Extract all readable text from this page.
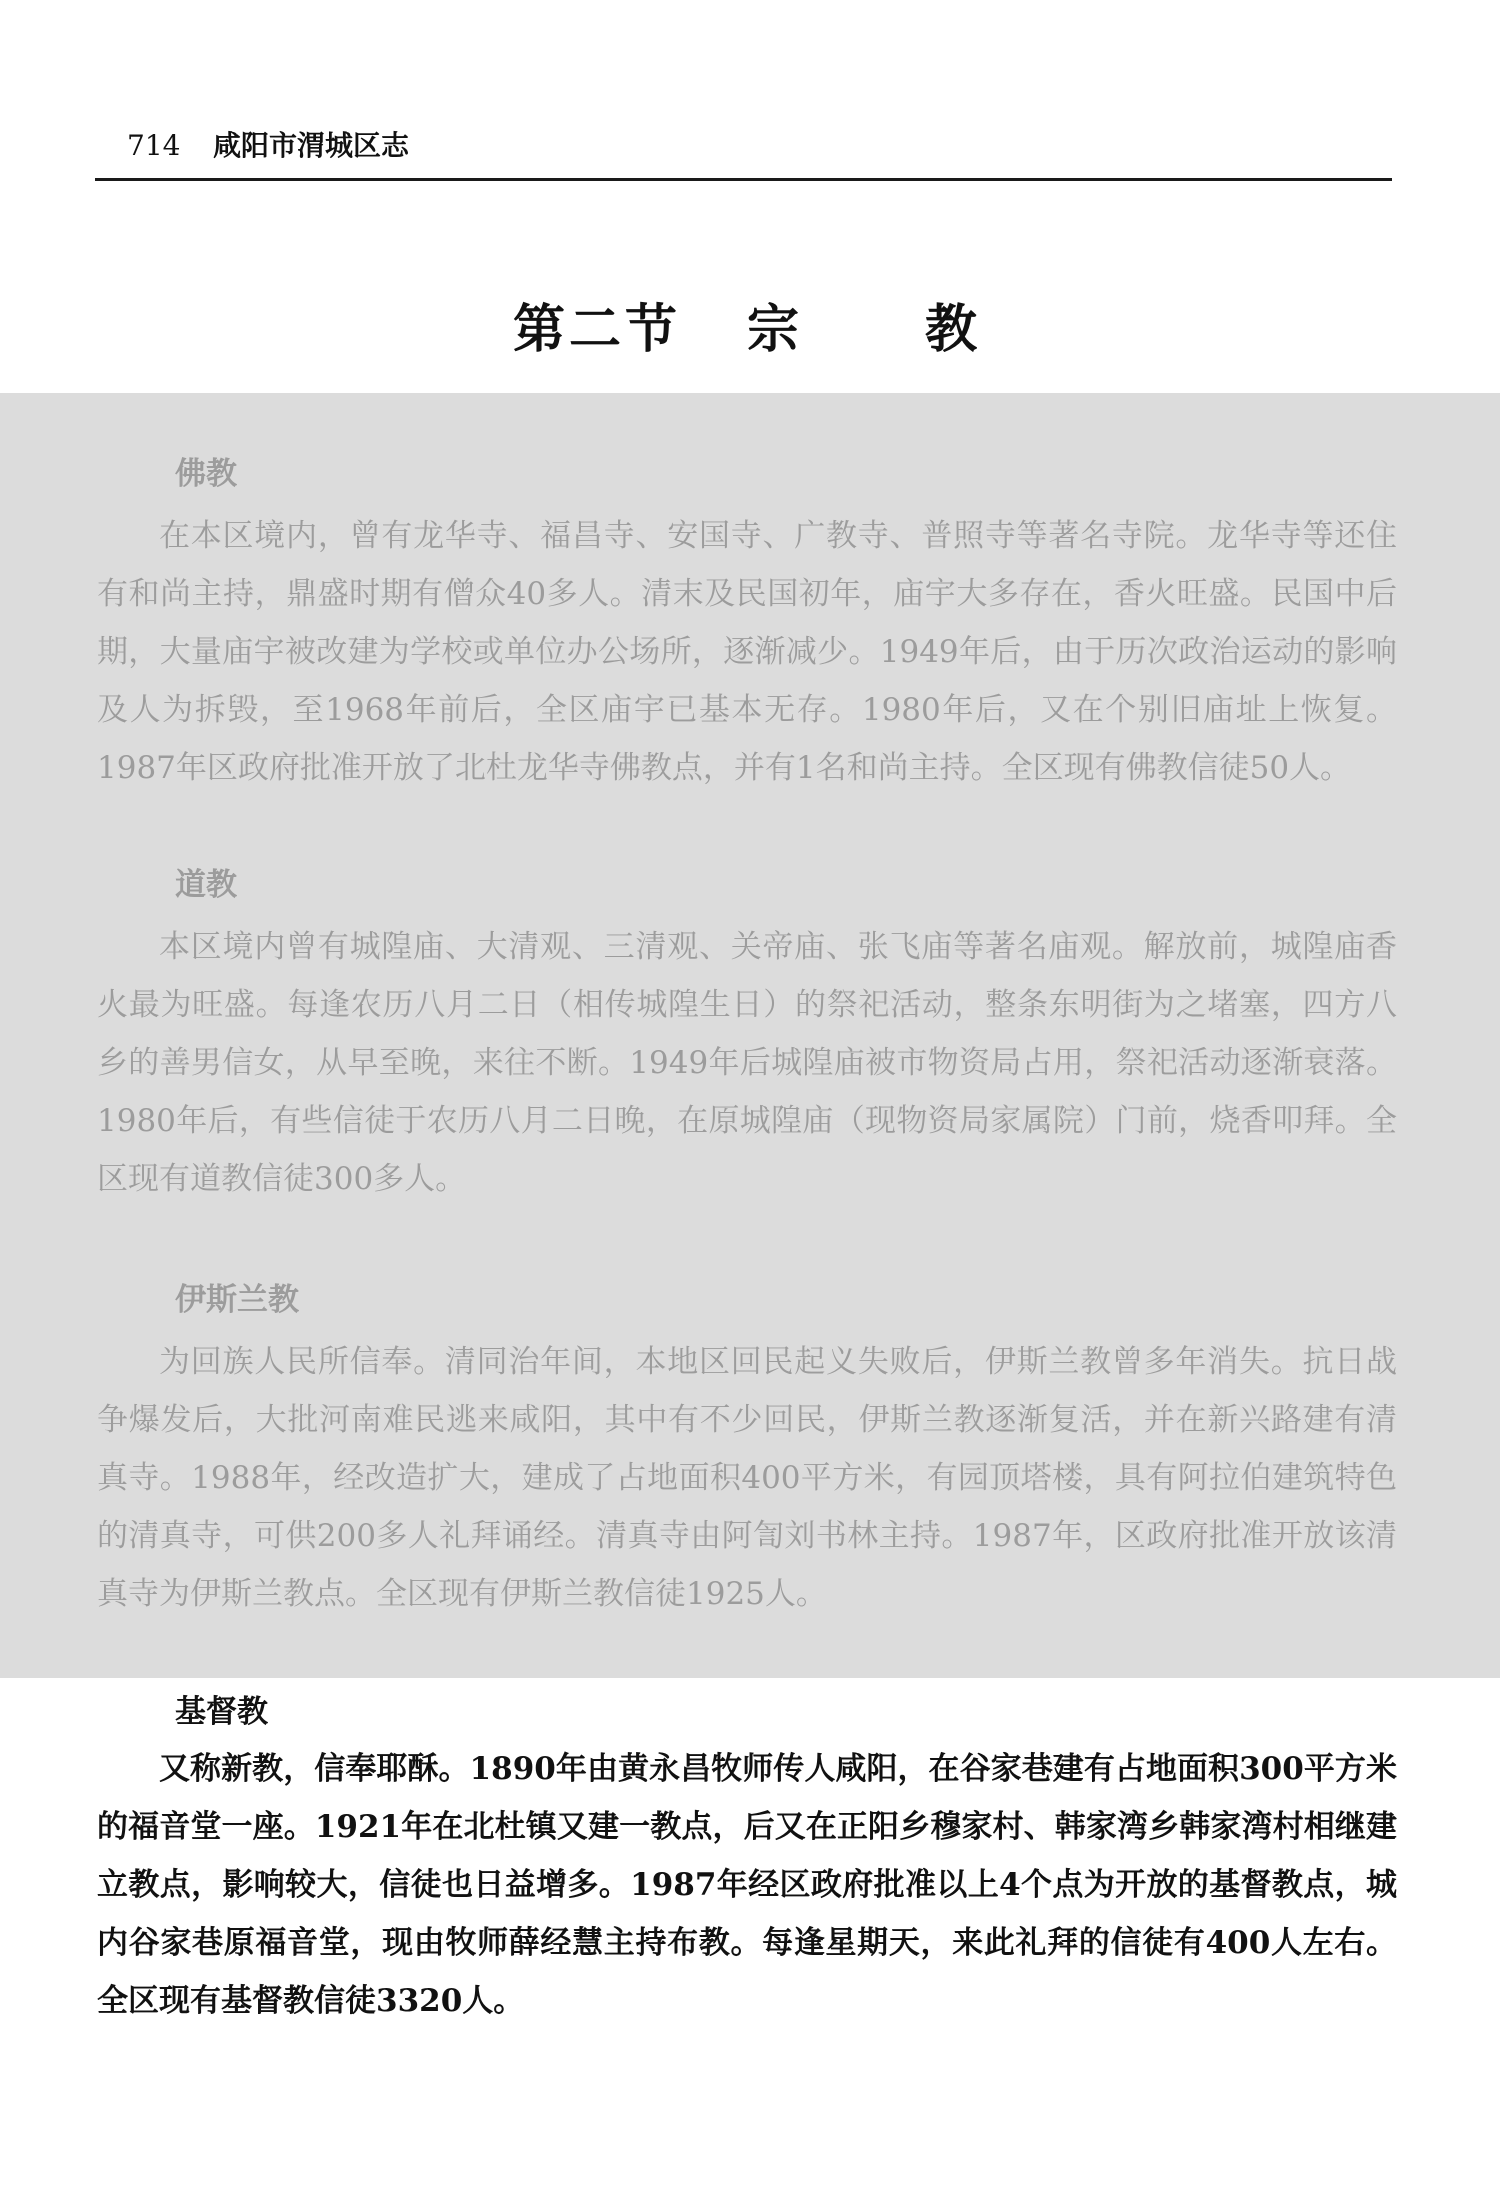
714 咸阳市渭城区志
第二节 宗 教
佛教

在本区境内，曾有龙华寺、福昌寺、安国寺、广教寺、普照寺等著名寺院。龙华寺等还住有和尚主持，鼎盛时期有僧众40多人。清末及民国初年，庙宇大多存在，香火旺盛。民国中后期，大量庙宇被改建为学校或单位办公场所，逐渐减少。1949年后，由于历次政治运动的影响及人为拆毁，至1968年前后，全区庙宇已基本无存。1980年后，又在个别旧庙址上恢复。1987年区政府批准开放了北杜龙华寺佛教点，并有1名和尚主持。全区现有佛教信徒50人。

道教

本区境内曾有城隍庙、大清观、三清观、关帝庙、张飞庙等著名庙观。解放前，城隍庙香火最为旺盛。每逢农历八月二日（相传城隍生日）的祭祀活动，整条东明街为之堵塞，四方八乡的善男信女，从早至晚，来往不断。1949年后城隍庙被市物资局占用，祭祀活动逐渐衰落。1980年后，有些信徒于农历八月二日晚，在原城隍庙（现物资局家属院）门前，烧香叩拜。全区现有道教信徒300多人。

伊斯兰教

为回族人民所信奉。清同治年间，本地区回民起义失败后，伊斯兰教曾多年消失。抗日战争爆发后，大批河南难民逃来咸阳，其中有不少回民，伊斯兰教逐渐复活，并在新兴路建有清真寺。1988年，经改造扩大，建成了占地面积400平方米，有园顶塔楼，具有阿拉伯建筑特色的清真寺，可供200多人礼拜诵经。清真寺由阿訇刘书林主持。1987年，区政府批准开放该清真寺为伊斯兰教点。全区现有伊斯兰教信徒1925人。

基督教

又称新教，信奉耶酥。1890年由黄永昌牧师传人咸阳，在谷家巷建有占地面积300平方米的福音堂一座。1921年在北杜镇又建一教点，后又在正阳乡穆家村、韩家湾乡韩家湾村相继建立教点，影响较大，信徒也日益增多。1987年经区政府批准以上4个点为开放的基督教点，城内谷家巷原福音堂，现由牧师薛经慧主持布教。每逢星期天，来此礼拜的信徒有400人左右。全区现有基督教信徒3320人。
